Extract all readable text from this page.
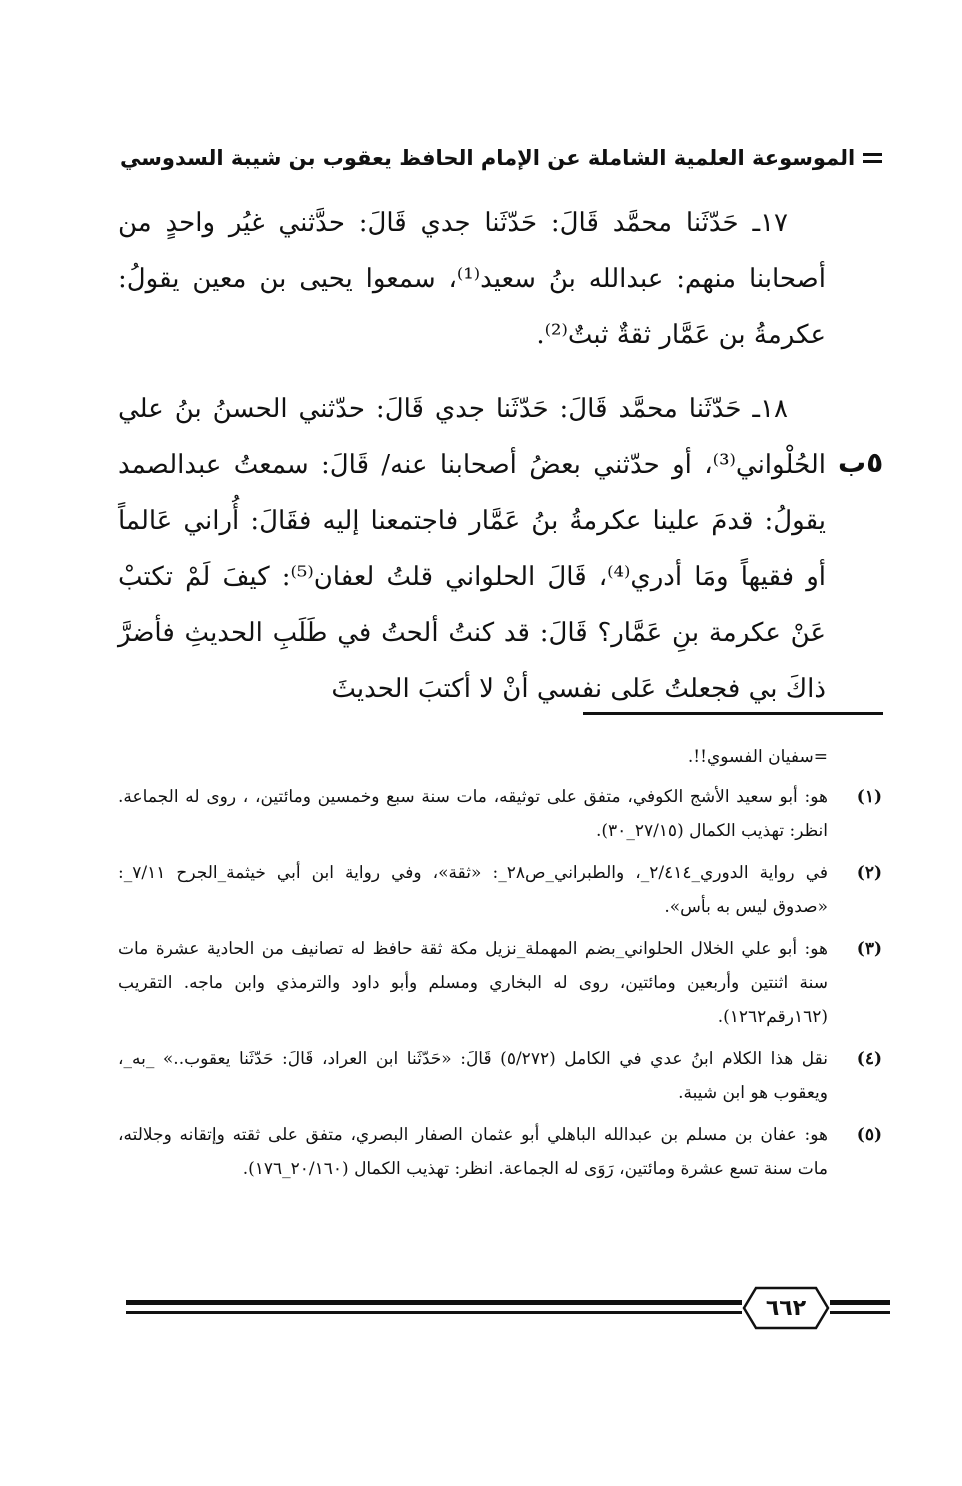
الموسوعة العلمية الشاملة عن الإمام الحافظ يعقوب بن شيبة السدوسي
٥ب

١٧ـ حَدّثَنا محمَّد قَالَ: حَدّثَنا جدي قَالَ: حدَّثني غيُر واحدٍ من أصحابنا منهم: عبدالله بنُ سعيد⁽¹⁾، سمعوا يحيى بن معين يقولُ: عكرمةُ بن عَمَّار ثقةٌ ثبتٌ⁽²⁾.

١٨ـ حَدّثَنا محمَّد قَالَ: حَدّثَنا جدي قَالَ: حدّثني الحسنُ بنُ علي الحُلْواني⁽³⁾، أو حدّثني بعضُ أصحابنا عنه/ قَالَ: سمعتُ عبدالصمد يقولُ: قدمَ علينا عكرمةُ بنُ عَمَّار فاجتمعنا إليه فقَالَ: أُراني عَالماً أو فقيهاً ومَا أدري⁽⁴⁾، قَالَ الحلواني قلتُ لعفان⁽⁵⁾: كيفَ لَمْ تكتبْ عَنْ عكرمة بنِ عَمَّار؟ قَالَ: قد كنتُ ألحتُ في طَلَبِ الحديثِ فأضرَّ ذاكَ بي فجعلتُ عَلى نفسي أنْ لا أكتبَ الحديثَ

=سفيان الفسوي!!.
(١)
هو: أبو سعيد الأشج الكوفي، متفق على توثيقه، مات سنة سبع وخمسين ومائتين، ، روى له الجماعة. انظر: تهذيب الكمال (٢٧/١٥_٣٠).
(٢)
في رواية الدوري_٢/٤١٤_، والطبراني_ص٢٨_: «ثقة»، وفي رواية ابن أبي خيثمة_الجرح ٧/١١_: «صدوق ليس به بأس».
(٣)
هو: أبو علي الخلال الحلواني_بضم المهملة_نزيل مكة ثقة حافظ له تصانيف من الحادية عشرة مات سنة اثنتين وأربعين ومائتين، روى له البخاري ومسلم وأبو داود والترمذي وابن ماجه. التقريب (١٦٢رقم١٢٦٢).
(٤)
نقل هذا الكلام ابنُ عدي في الكامل (٥/٢٧٢) قَالَ: «حَدّثَنا ابن العراد، قَالَ: حَدّثَنا يعقوب..» _به_، ويعقوب هو ابن شيبة.
(٥)
هو: عفان بن مسلم بن عبدالله الباهلي أبو عثمان الصفار البصري، متفق على ثقته وإتقانه وجلالته، مات سنة تسع عشرة ومائتين، رَوَى له الجماعة. انظر: تهذيب الكمال (٢٠/١٦٠_١٧٦).
٦٦٢
